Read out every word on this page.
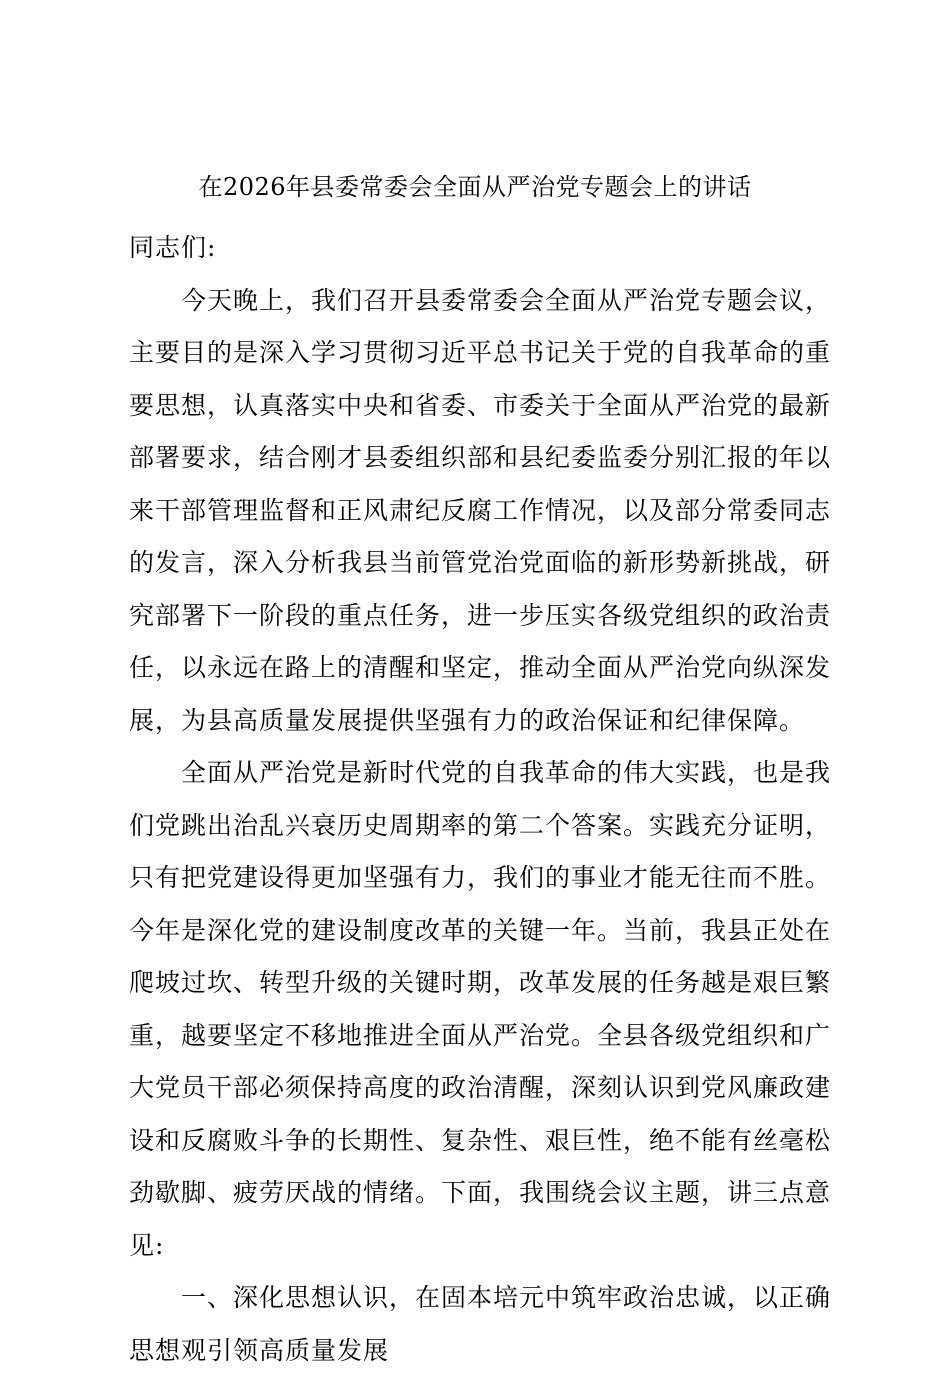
在2026年县委常委会全面从严治党专题会上的讲话

同志们:

今天晚上，我们召开县委常委会全面从严治党专题会议，主要目的是深入学习贯彻习近平总书记关于党的自我革命的重要思想，认真落实中央和省委、市委关于全面从严治党的最新部署要求，结合刚才县委组织部和县纪委监委分别汇报的年以来干部管理监督和正风肃纪反腐工作情况，以及部分常委同志的发言，深入分析我县当前管党治党面临的新形势新挑战，研究部署下一阶段的重点任务，进一步压实各级党组织的政治责任，以永远在路上的清醒和坚定，推动全面从严治党向纵深发展，为县高质量发展提供坚强有力的政治保证和纪律保障。

全面从严治党是新时代党的自我革命的伟大实践，也是我们党跳出治乱兴衰历史周期率的第二个答案。实践充分证明，只有把党建设得更加坚强有力，我们的事业才能无往而不胜。今年是深化党的建设制度改革的关键一年。当前，我县正处在爬坡过坎、转型升级的关键时期，改革发展的任务越是艰巨繁重，越要坚定不移地推进全面从严治党。全县各级党组织和广大党员干部必须保持高度的政治清醒，深刻认识到党风廉政建设和反腐败斗争的长期性、复杂性、艰巨性，绝不能有丝毫松劲歇脚、疲劳厌战的情绪。下面，我围绕会议主题，讲三点意见:

一、深化思想认识，在固本培元中筑牢政治忠诚，以正确思想观引领高质量发展
